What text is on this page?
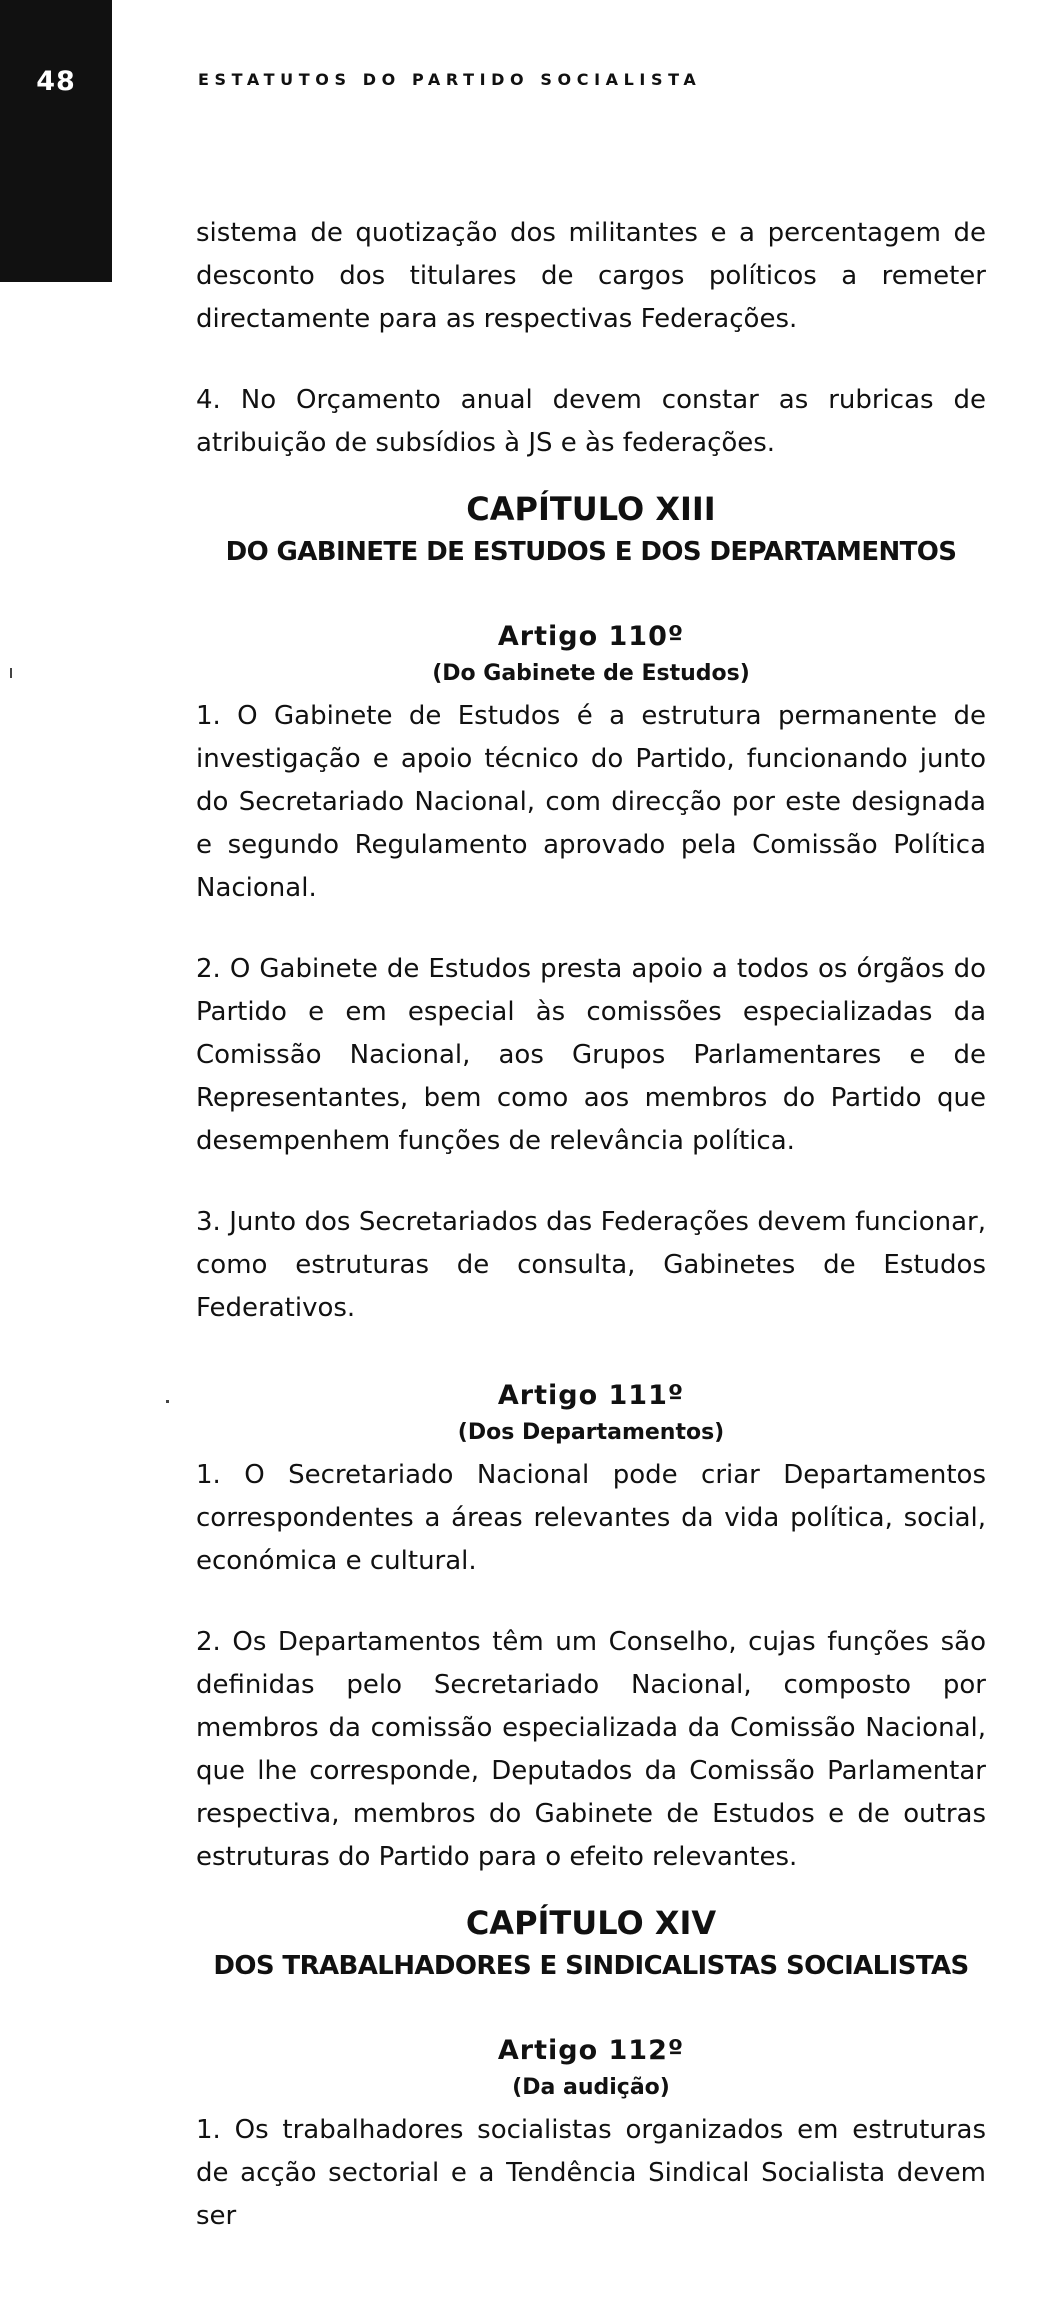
48	ESTATUTOS DO PARTIDO SOCIALISTA

sistema de quotização dos militantes e a percentagem de desconto dos titulares de cargos políticos a remeter directamente para as respectivas Federações.

4. No Orçamento anual devem constar as rubricas de atribuição de subsídios à JS e às federações.

CAPÍTULO XIII
DO GABINETE DE ESTUDOS E DOS DEPARTAMENTOS
Artigo 110º
(Do Gabinete de Estudos)

1. O Gabinete de Estudos é a estrutura permanente de investigação e apoio técnico do Partido, funcionando junto do Secretariado Nacional, com direcção por este designada e segundo Regulamento aprovado pela Comissão Política Nacional.

2. O Gabinete de Estudos presta apoio a todos os órgãos do Partido e em especial às comissões especializadas da Comissão Nacional, aos Grupos Parlamentares e de Representantes, bem como aos membros do Partido que desempenhem funções de relevância política.

3. Junto dos Secretariados das Federações devem funcionar, como estruturas de consulta, Gabinetes de Estudos Federativos.

Artigo 111º
(Dos Departamentos)

1. O Secretariado Nacional pode criar Departamentos correspondentes a áreas relevantes da vida política, social, económica e cultural.

2. Os Departamentos têm um Conselho, cujas funções são definidas pelo Secretariado Nacional, composto por membros da comissão especializada da Comissão Nacional, que lhe corresponde, Deputados da Comissão Parlamentar respectiva, membros do Gabinete de Estudos e de outras estruturas do Partido para o efeito relevantes.

CAPÍTULO XIV
DOS TRABALHADORES E SINDICALISTAS SOCIALISTAS
Artigo 112º
(Da audição)

1. Os trabalhadores socialistas organizados em estruturas de acção sectorial e a Tendência Sindical Socialista devem ser
